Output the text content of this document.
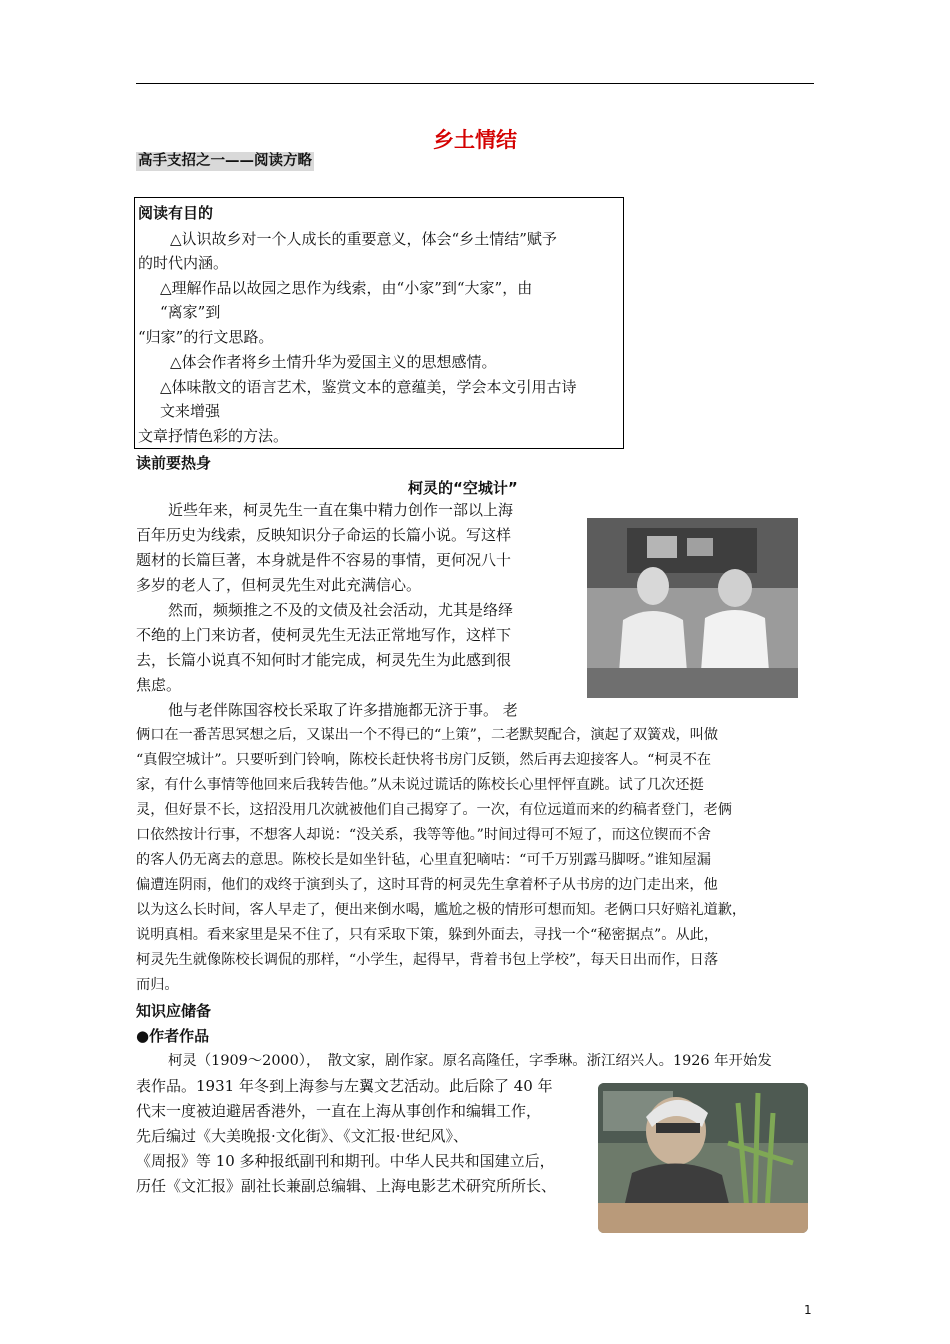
乡土情结
高手支招之一——阅读方略
阅读有目的
△认识故乡对一个人成长的重要意义，体会“乡土情结”赋予
的时代内涵。
△理解作品以故园之思作为线索，由“小家”到“大家”，由
“离家”到
“归家”的行文思路。
△体会作者将乡土情升华为爱国主义的思想感情。
△体味散文的语言艺术，鉴赏文本的意蕴美，学会本文引用古诗
文来增强
文章抒情色彩的方法。
读前要热身
柯灵的“空城计”
近些年来，柯灵先生一直在集中精力创作一部以上海
百年历史为线索，反映知识分子命运的长篇小说。写这样
题材的长篇巨著，本身就是件不容易的事情，更何况八十
多岁的老人了，但柯灵先生对此充满信心。
然而，频频推之不及的文债及社会活动，尤其是络绎
不绝的上门来访者，使柯灵先生无法正常地写作，这样下
去，长篇小说真不知何时才能完成，柯灵先生为此感到很
焦虑。
他与老伴陈国容校长采取了许多措施都无济于事。 老
俩口在一番苦思冥想之后，又谋出一个不得已的“上策”，二老默契配合，演起了双簧戏，叫做
“真假空城计”。只要听到门铃响，陈校长赶快将书房门反锁，然后再去迎接客人。“柯灵不在
家，有什么事情等他回来后我转告他。”从未说过谎话的陈校长心里怦怦直跳。试了几次还挺
灵，但好景不长，这招没用几次就被他们自己揭穿了。一次，有位远道而来的约稿者登门，老俩
口依然按计行事，不想客人却说：“没关系，我等等他。”时间过得可不短了，而这位锲而不舍
的客人仍无离去的意思。陈校长是如坐针毡，心里直犯嘀咕：“可千万别露马脚呀。”谁知屋漏
偏遭连阴雨，他们的戏终于演到头了，这时耳背的柯灵先生拿着杯子从书房的边门走出来，他
以为这么长时间，客人早走了，便出来倒水喝，尴尬之极的情形可想而知。老俩口只好赔礼道歉，
说明真相。看来家里是呆不住了，只有采取下策，躲到外面去，寻找一个“秘密据点”。从此，
柯灵先生就像陈校长调侃的那样，“小学生，起得早，背着书包上学校”，每天日出而作，日落
而归。
知识应储备
●作者作品
柯灵（1909～2000），　散文家，剧作家。原名高隆任，字季琳。浙江绍兴人。1926 年开始发
表作品。1931 年冬到上海参与左翼文艺活动。此后除了 40 年
代末一度被迫避居香港外，一直在上海从事创作和编辑工作，
先后编过《大美晚报·文化街》、《文汇报·世纪风》、
《周报》等 10 多种报纸副刊和期刊。中华人民共和国建立后，
历任《文汇报》副社长兼副总编辑、上海电影艺术研究所所长、
1
